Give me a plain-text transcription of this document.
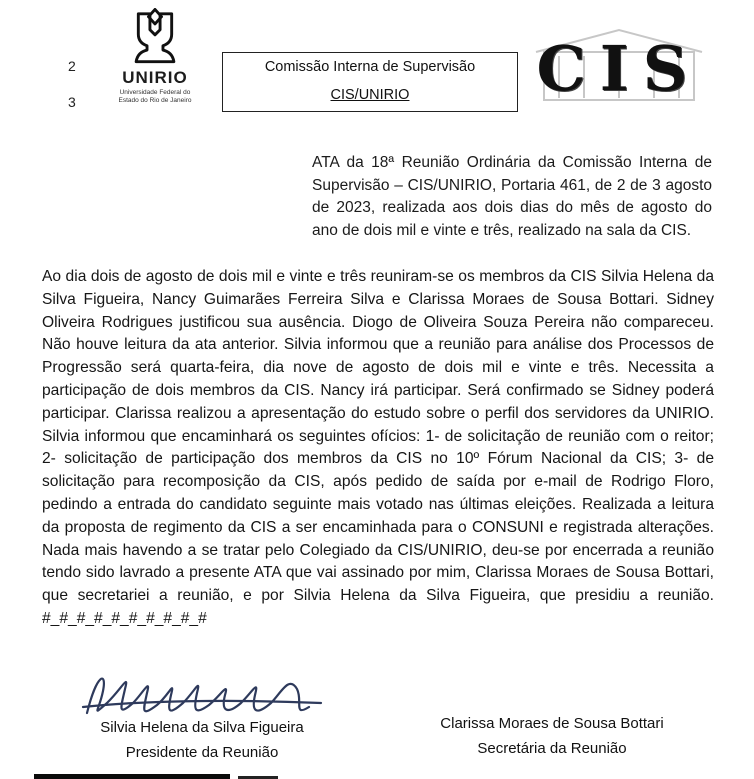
2
3
UNIRIO
Universidade Federal do
Estado do Rio de Janeiro
Comissão Interna de Supervisão
CIS/UNIRIO	CIS
ATA da 18ª Reunião Ordinária da Comissão Interna de Supervisão – CIS/UNIRIO, Portaria 461, de 2 de 3 agosto de 2023, realizada aos dois dias do mês de agosto do ano de dois mil e vinte e três, realizado na sala da CIS.
Ao dia dois de agosto de dois mil e vinte e três reuniram-se os membros da CIS Silvia Helena da Silva Figueira, Nancy Guimarães Ferreira Silva e Clarissa Moraes de Sousa Bottari. Sidney Oliveira Rodrigues justificou sua ausência. Diogo de Oliveira Souza Pereira não compareceu. Não houve leitura da ata anterior. Silvia informou que a reunião para análise dos Processos de Progressão será quarta-feira, dia nove de agosto de dois mil e vinte e três. Necessita a participação de dois membros da CIS. Nancy irá participar. Será confirmado se Sidney poderá participar. Clarissa realizou a apresentação do estudo sobre o perfil dos servidores da UNIRIO. Silvia informou que encaminhará os seguintes ofícios: 1- de solicitação de reunião com o reitor; 2- solicitação de participação dos membros da CIS no 10º Fórum Nacional da CIS; 3- de solicitação para recomposição da CIS, após pedido de saída por e-mail de Rodrigo Floro, pedindo a entrada do candidato seguinte mais votado nas últimas eleições. Realizada a leitura da proposta de regimento da CIS a ser encaminhada para o CONSUNI e registrada alterações. Nada mais havendo a se tratar pelo Colegiado da CIS/UNIRIO, deu-se por encerrada a reunião tendo sido lavrado a presente ATA que vai assinado por mim, Clarissa Moraes de Sousa Bottari, que secretariei a reunião, e por Silvia Helena da Silva Figueira, que presidiu a reunião. #_#_#_#_#_#_#_#_#_#
Silvia Helena da Silva Figueira
Presidente da Reunião
Clarissa Moraes de Sousa Bottari
Secretária da Reunião
